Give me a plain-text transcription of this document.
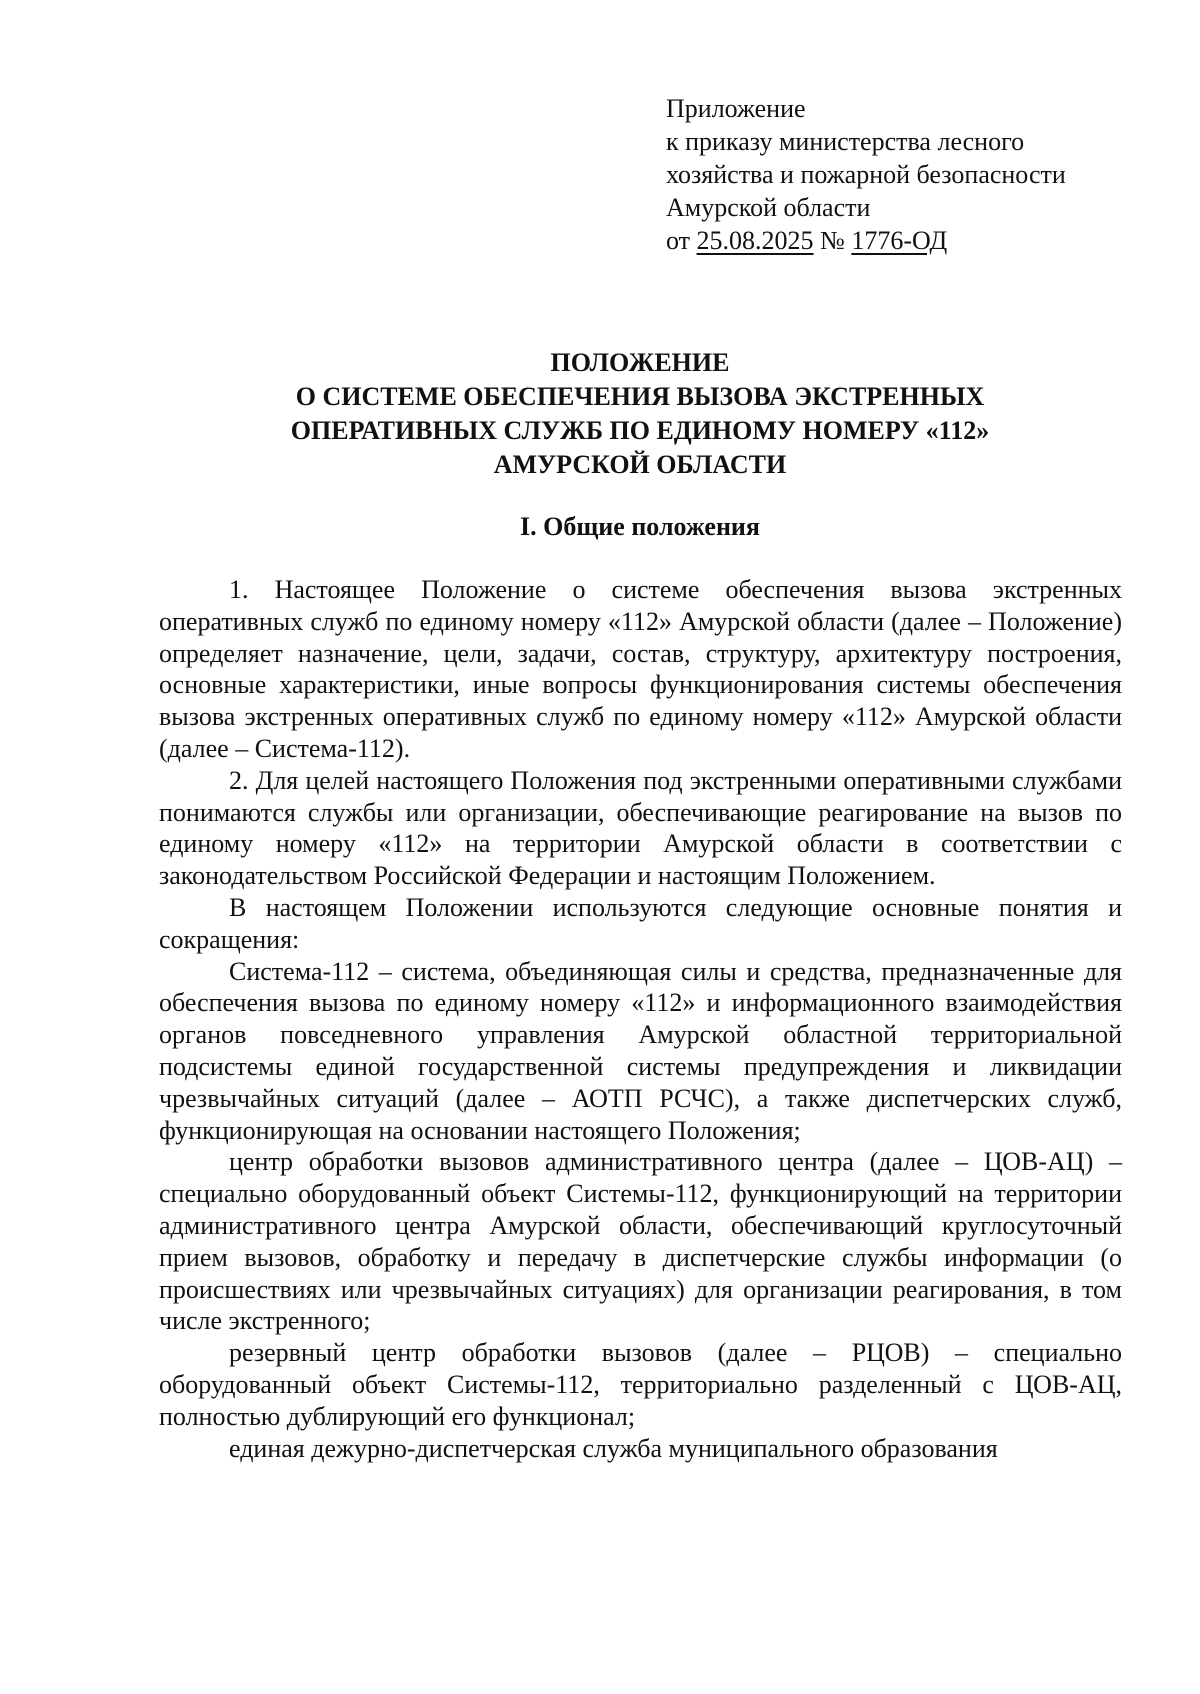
Приложение
к приказу министерства лесного
хозяйства и пожарной безопасности
Амурской области
от 25.08.2025 № 1776-ОД
ПОЛОЖЕНИЕ
О СИСТЕМЕ ОБЕСПЕЧЕНИЯ ВЫЗОВА ЭКСТРЕННЫХ
ОПЕРАТИВНЫХ СЛУЖБ ПО ЕДИНОМУ НОМЕРУ «112»
АМУРСКОЙ ОБЛАСТИ
I. Общие положения

1. Настоящее Положение о системе обеспечения вызова экстренных оперативных служб по единому номеру «112» Амурской области (далее – Положение) определяет назначение, цели, задачи, состав, структуру, архитектуру построения, основные характеристики, иные вопросы функционирования системы обеспечения вызова экстренных оперативных служб по единому номеру «112» Амурской области (далее – Система-112).

2. Для целей настоящего Положения под экстренными оперативными службами понимаются службы или организации, обеспечивающие реагирование на вызов по единому номеру «112» на территории Амурской области в соответствии с законодательством Российской Федерации и настоящим Положением.

В настоящем Положении используются следующие основные понятия и сокращения:

Система-112 – система, объединяющая силы и средства, предназначенные для обеспечения вызова по единому номеру «112» и информационного взаимодействия органов повседневного управления Амурской областной территориальной подсистемы единой государственной системы предупреждения и ликвидации чрезвычайных ситуаций (далее – АОТП РСЧС), а также диспетчерских служб, функционирующая на основании настоящего Положения;

центр обработки вызовов административного центра (далее – ЦОВ-АЦ) – специально оборудованный объект Системы-112, функционирующий на территории административного центра Амурской области, обеспечивающий круглосуточный прием вызовов, обработку и передачу в диспетчерские службы информации (о происшествиях или чрезвычайных ситуациях) для организации реагирования, в том числе экстренного;

резервный центр обработки вызовов (далее – РЦОВ) – специально оборудованный объект Системы-112, территориально разделенный с ЦОВ-АЦ, полностью дублирующий его функционал;

единая дежурно-диспетчерская служба муниципального образования
